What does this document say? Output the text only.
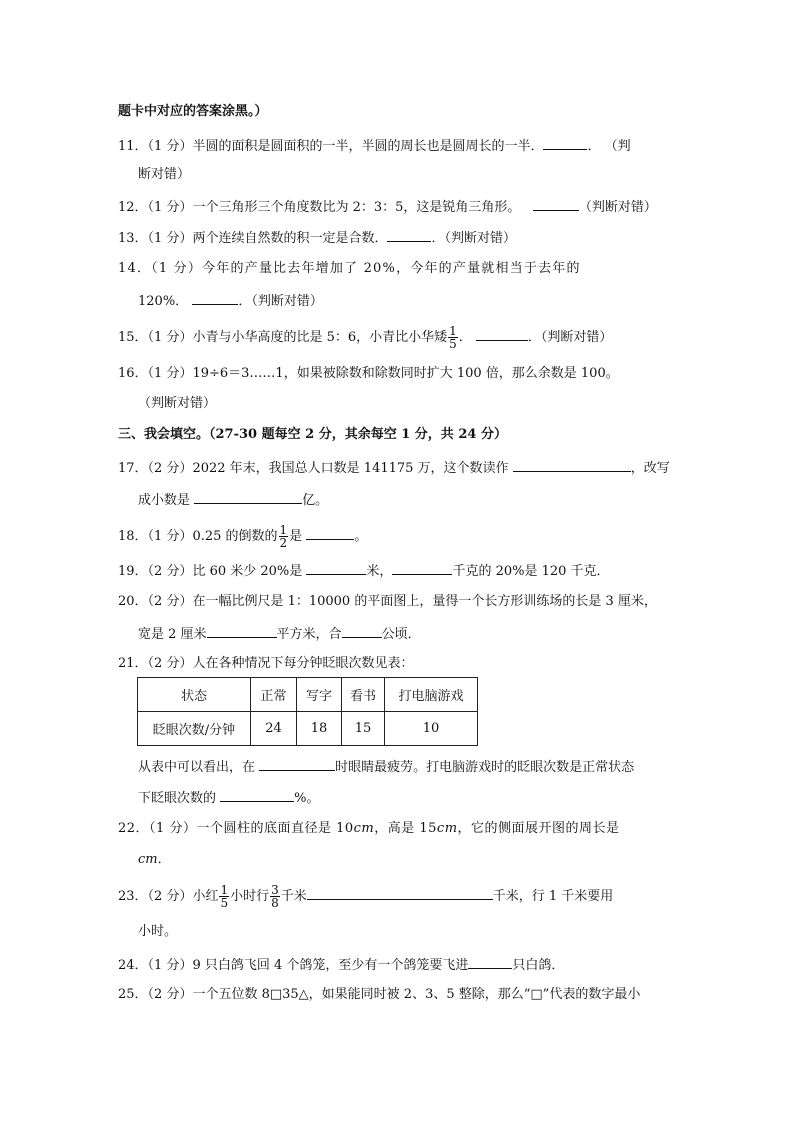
题卡中对应的答案涂黑。）
11．（1 分）半圆的面积是圆面积的一半，半圆的周长也是圆周长的一半．	． （判
断对错）
12．（1 分）一个三角形三个角度数比为 2：3：5，这是锐角三角形。	（判断对错）
13．（1 分）两个连续自然数的积一定是合数．	．（判断对错）
14．（1 分）今年的产量比去年增加了 20%，今年的产量就相当于去年的
120%．	．（判断对错）
15．（1 分）小青与小华高度的比是 5：6，小青比小华矮 $\frac{1}{5}$ ．	．（判断对错）
16．（1 分）19÷6＝3……1，如果被除数和除数同时扩大 100 倍，那么余数是 100。
（判断对错）
三、我会填空。（27-30 题每空 2 分，其余每空 1 分，共 24 分）
17．（2 分）2022 年末，我国总人口数是 141175 万，这个数读作	，改写
成小数是	亿。
18．（1 分）0.25 的倒数的 $\frac{1}{2}$ 是	。
19．（2 分）比 60 米少 20%是	米，	千克的 20%是 120 千克．
20．（2 分）在一幅比例尺是 1：10000 的平面图上，量得一个长方形训练场的长是 3 厘米，
宽是 2 厘米	平方米，合	公顷．
21．（2 分）人在各种情况下每分钟眨眼次数见表：
状态	正常	写字	看书	打电脑游戏
眨眼次数/分钟	24	18	15	10
从表中可以看出，在	时眼睛最疲劳。打电脑游戏时的眨眼次数是正常状态
下眨眼次数的	%。
22．（1 分）一个圆柱的底面直径是 10cm，高是 15cm，它的侧面展开图的周长是
cm．
23．（2 分）小红 $\frac{1}{5}$ 小时行 $\frac{3}{8}$ 千米	千米，行 1 千米要用
小时。
24．（1 分）9 只白鸽飞回 4 个鸽笼，至少有一个鸽笼要飞进	只白鸽．
25．（2 分）一个五位数 8□35△，如果能同时被 2、3、5 整除，那么“□”代表的数字最小
